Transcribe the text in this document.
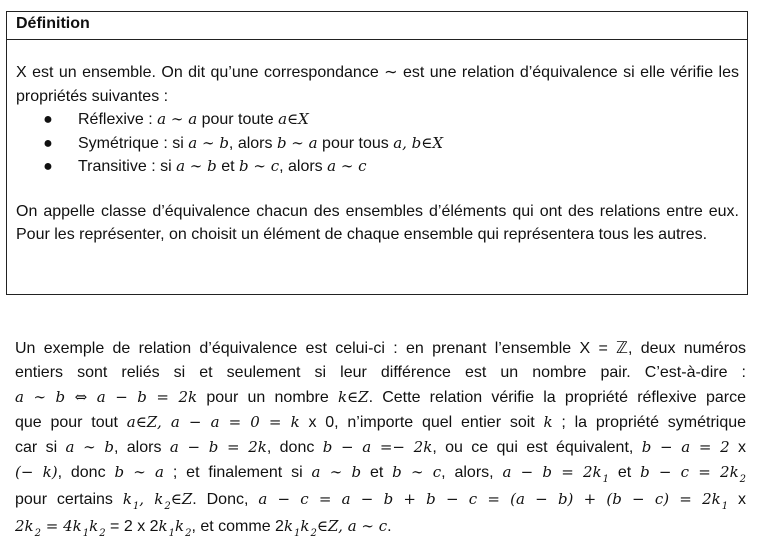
Définition

X est un ensemble. On dit qu’une correspondance ∼ est une relation d’équivalence si elle vérifie les propriétés suivantes :

● Réflexive : a ∼ a pour toute a∈X
● Symétrique : si a ∼ b, alors b ∼ a pour tous a, b∈X
● Transitive : si a ∼ b et b ∼ c, alors a ∼ c

On appelle classe d’équivalence chacun des ensembles d’éléments qui ont des relations entre eux. Pour les représenter, on choisit un élément de chaque ensemble qui représentera tous les autres.

Un exemple de relation d’équivalence est celui-ci : en prenant l’ensemble X = ℤ, deux numéros
entiers sont reliés si et seulement si leur différence est un nombre pair. C’est-à-dire :
a ∼ b ⇔ a − b = 2k pour un nombre k∈Z. Cette relation vérifie la propriété réflexive parce
que pour tout a∈Z, a − a = 0 = k x 0, n’importe quel entier soit k ; la propriété symétrique
car si a ∼ b, alors a − b = 2k, donc b − a =− 2k, ou ce qui est équivalent, b − a = 2 x
(− k), donc b ∼ a ; et finalement si a ∼ b et b ∼ c, alors, $a - b = 2k_1$ et $b - c = 2k_2$
pour certains $k_1$, $k_2\in Z$. Donc, $a - c = a - b + b - c = (a - b) + (b - c) = 2k_1$ x
$2k_2 = 4k_1k_2 = 2$ x $2k_1k_2$, et comme $2k_1k_2\in Z$, a ∼ c.
